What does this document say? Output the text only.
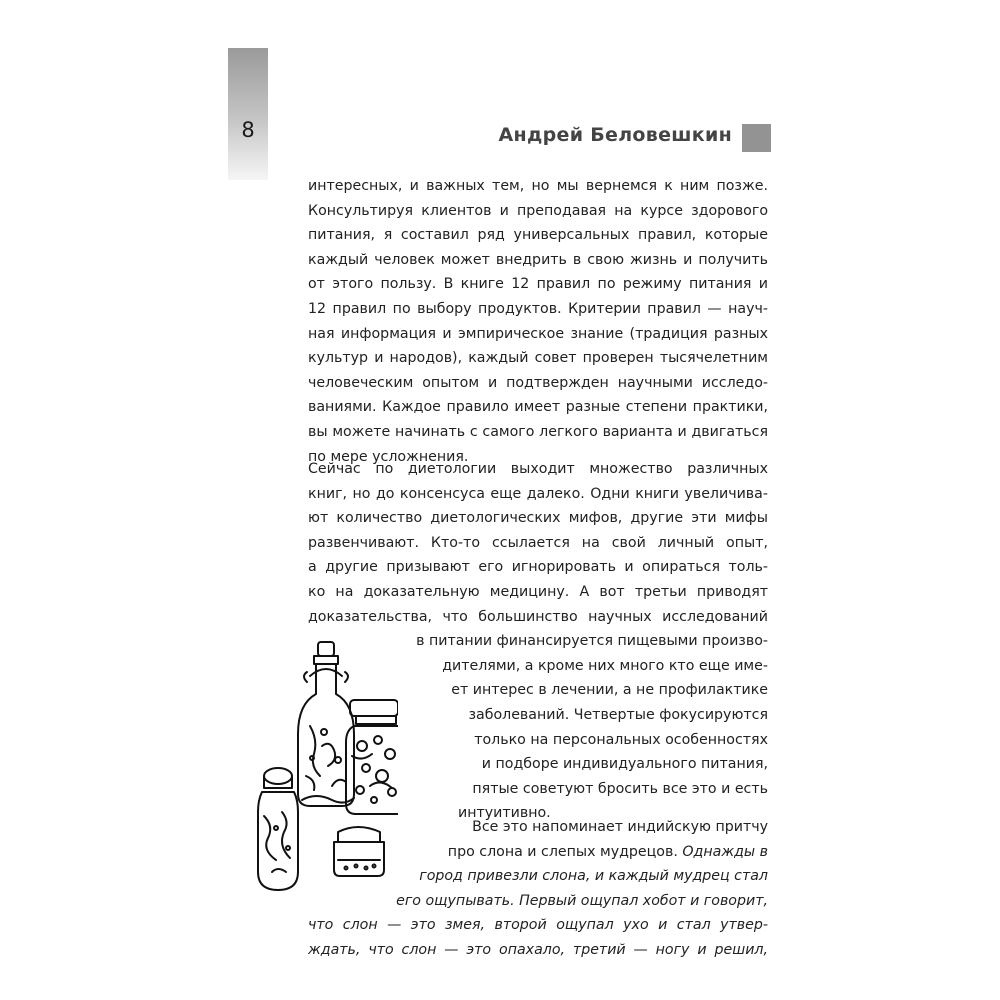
8	Андрей Беловешкин
интересных, и важных тем, но мы вернемся к ним позже.
Консультируя клиентов и преподавая на курсе здорового
питания, я составил ряд универсальных правил, которые
каждый человек может внедрить в свою жизнь и получить
от этого пользу. В книге 12 правил по режиму питания и
12 правил по выбору продуктов. Критерии правил — науч-
ная информация и эмпирическое знание (традиция разных
культур и народов), каждый совет проверен тысячелетним
человеческим опытом и подтвержден научными исследо-
ваниями. Каждое правило имеет разные степени практики,
вы можете начинать с самого легкого варианта и двигаться
по мере усложнения.
Сейчас по диетологии выходит множество различных
книг, но до консенсуса еще далеко. Одни книги увеличива-
ют количество диетологических мифов, другие эти мифы
развенчивают. Кто-то ссылается на свой личный опыт,
а другие призывают его игнорировать и опираться толь-
ко на доказательную медицину. А вот третьи приводят
доказательства, что большинство научных исследований
в питании финансируется пищевыми произво-
дителями, а кроме них много кто еще име-
ет интерес в лечении, а не профилактике
заболеваний. Четвертые фокусируются
только на персональных особенностях
и подборе индивидуального питания,
пятые советуют бросить все это и есть
интуитивно.
Все это напоминает индийскую притчу
про слона и слепых мудрецов. Однажды в
город привезли слона, и каждый мудрец стал
его ощупывать. Первый ощупал хобот и говорит,
что слон — это змея, второй ощупал ухо и стал утвер-
ждать, что слон — это опахало, третий — ногу и решил,
